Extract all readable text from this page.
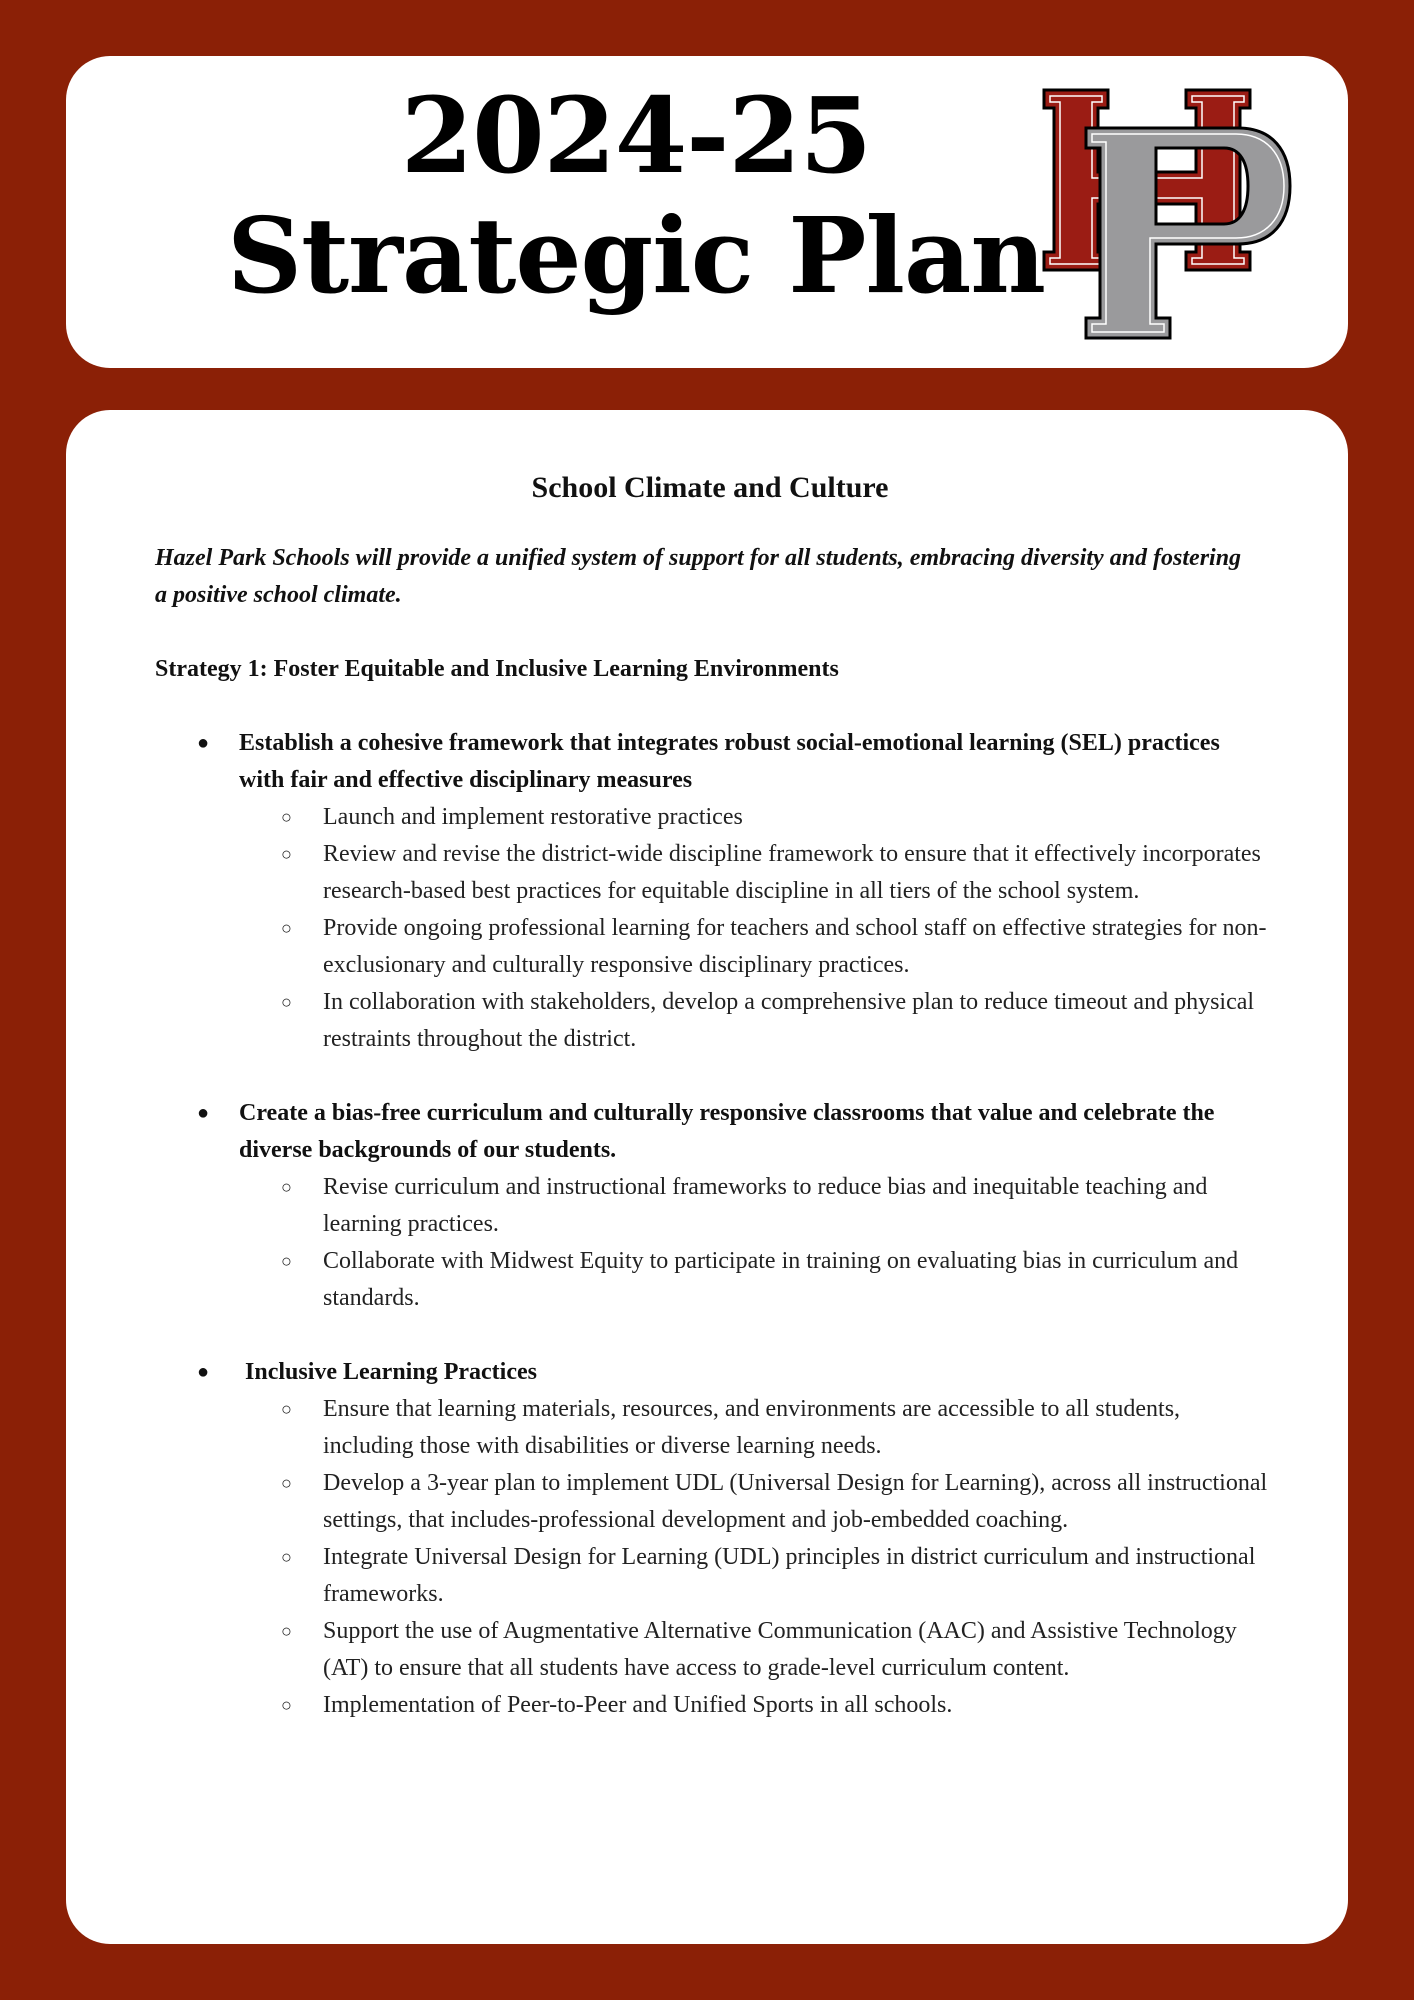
2024-25
Strategic Plan
School Climate and Culture

Hazel Park Schools will provide a unified system of support for all students, embracing diversity and fostering a positive school climate.

Strategy 1: Foster Equitable and Inclusive Learning Environments

● Establish a cohesive framework that integrates robust social-emotional learning (SEL) practices with fair and effective disciplinary measures
○ Launch and implement restorative practices
○ Review and revise the district-wide discipline framework to ensure that it effectively incorporates research-based best practices for equitable discipline in all tiers of the school system.
○ Provide ongoing professional learning for teachers and school staff on effective strategies for non-exclusionary and culturally responsive disciplinary practices.
○ In collaboration with stakeholders, develop a comprehensive plan to reduce timeout and physical restraints throughout the district.
● Create a bias-free curriculum and culturally responsive classrooms that value and celebrate the diverse backgrounds of our students.
○ Revise curriculum and instructional frameworks to reduce bias and inequitable teaching and learning practices.
○ Collaborate with Midwest Equity to participate in training on evaluating bias in curriculum and standards.
● Inclusive Learning Practices
○ Ensure that learning materials, resources, and environments are accessible to all students, including those with disabilities or diverse learning needs.
○ Develop a 3-year plan to implement UDL (Universal Design for Learning), across all instructional settings, that includes-professional development and job-embedded coaching.
○ Integrate Universal Design for Learning (UDL) principles in district curriculum and instructional frameworks.
○ Support the use of Augmentative Alternative Communication (AAC) and Assistive Technology (AT) to ensure that all students have access to grade-level curriculum content.
○ Implementation of Peer-to-Peer and Unified Sports in all schools.
